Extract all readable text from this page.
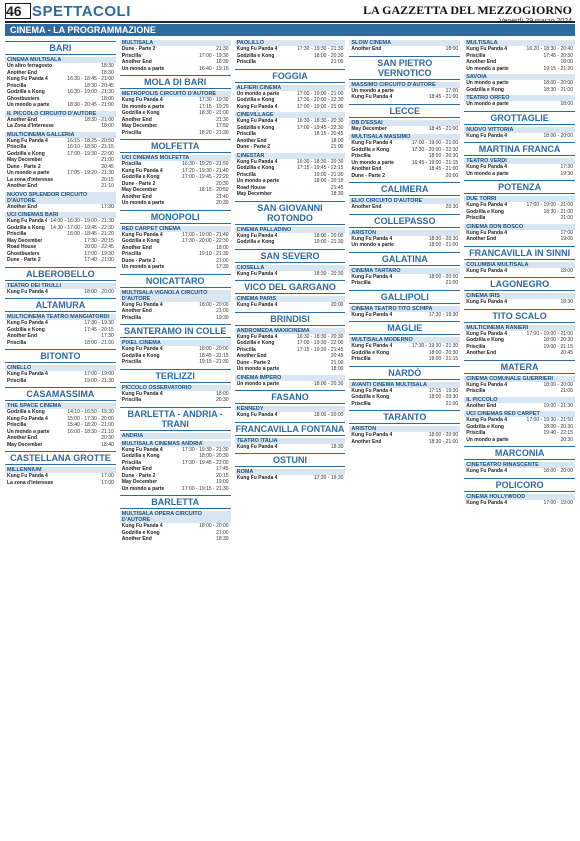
46 SPETTACOLI	LA GAZZETTA DEL MEZZOGIORNO
CINEMA - LA PROGRAMMAZIONE
BARI
CINEMA MULTISALA
Un altro ferragosto	18:30
Another End	18:30
Kung Fu Panda 4	16:30 - 18:45 - 21:00
Priscilla	18:30 - 20:45
Godzilla e Kong	16:30 - 19:00 - 21:30
Ghostbusters	18:00
Un mondo a parte	18:30 - 20:45 - 21:00
IL PICCOLO CIRCUITO D'AUTORE
Another End	18:30 - 21:00
La Zona d'Interesse	18:00
MULTICINEMA GALLERIA
Kung Fu Panda 4	16:15 - 18:25 - 20:50
Priscilla	16:10 - 18:50 - 21:15
Godzilla e Kong	17:00 - 19:30 - 22:00
May December	21:00
Dune - Parte 2	20:45
Un mondo a parte	17:05 - 19:20 - 21:30
La zona d'interesse	20:15
Another End	21:10
NUOVO SPLENDOR CIRCUITO D'AUTORE
Another End	17:30
UCI CINEMAS BARI
Kung Fu Panda 4 14:00 - 16:30 - 19:00 - 21:30
Godzilla e Kong 14:30 - 17:00 - 19:45 - 22:30
Priscilla	16:00 - 18:45 - 21:20
May December	17:30 - 20:15
Road House	20:00 - 22:45
Ghostbusters	17:00 - 19:30
Dune - Parte 2	17:40 - 21:00
ALBEROBELLO
TEATRO DEI TRULLI
Kung Fu Panda 4	18:00 - 20:00
ALTAMURA
MULTICINEMA TEATRO MANGIATORDI
Kung Fu Panda 4	17:30 - 19:30
Godzilla e Kong	17:45 - 20:15
Another End	17:30
Priscilla	18:00 - 21:00
BITONTO
CINELLO
Kung Fu Panda 4	17:00 - 19:00
Priscilla	19:00 - 21:30
CASAMASSIMA
THE SPACE CINEMA
Godzilla e Kong	14:10 - 16:50 - 19:30
Kung Fu Panda 4	15:00 - 17:30 - 20:00
Priscilla	15:40 - 18:20 - 21:00
Un mondo a parte	16:00 - 18:30 - 21:10
Another End	20:30
May December	18:40
CASTELLANA GROTTE
MILLENNIUM
Kung Fu Panda 4	17:00
La zona d'interesse	17:00
MULTISALA
Dune - Parte 2	21:30
Priscilla	17:00 - 19:30
Another End	18:30
Un mondo a parte	16:40 - 19:15
MOLA DI BARI
METROPOLIS CIRCUITO D'AUTORE
Kung Fu Panda 4	17:30 - 19:30
Un mondo a parte	17:15 - 19:20
Godzilla e Kong	18:30 - 21:00
Another End	21:30
May December	17:50
Priscilla	18:20 - 21:30
MOLFETTA
UCI CINEMAS MOLFETTA
Priscilla	16:30 - 19:20 - 21:50
Kung Fu Panda 4	17:20 - 19:30 - 21:40
Godzilla e Kong	17:00 - 19:45 - 22:20
Dune - Parte 2	20:30
May December	18:15 - 20:50
Another End	21:40
Un mondo a parte	20:30
MONOPOLI
RED CARPET CINEMA
Kung Fu Panda 4	17:00 - 19:00 - 21:40
Godzilla e Kong	17:30 - 20:00 - 22:30
Another End	18:00
Priscilla	19:10 - 21:30
Dune - Parte 2	21:00
Un mondo a parte	17:30
NOICATTARO
MULTISALA VIGNOLA CIRCUITO D'AUTORE
Kung Fu Panda 4	18:00 - 20:00
Another End	21:00
Priscilla	19:30
SANTERAMO IN COLLE
PIXEL CINEMA
Kung Fu Panda 4	18:00 - 20:00
Godzilla e Kong	18:45 - 21:15
Priscilla	19:15 - 21:30
TERLIZZI
PICCOLO OSSERVATORIO
Kung Fu Panda 4	18:00
Priscilla	20:30
BARLETTA - ANDRIA - TRANI
ANDRIA
MULTISALA CINEMAS ANDRIA
Kung Fu Panda 4	17:30 - 19:30 - 21:30
Godzilla e Kong	18:00 - 20:30
Priscilla	17:30 - 19:45 - 22:00
Another End	17:45
Dune - Parte 2	20:15
May December	19:00
Un mondo a parte	17:00 - 19:15 - 21:30
BARLETTA
MULTISALA OPERA CIRCUITO D'AUTORE
Kung Fu Panda 4	18:00 - 20:00
Godzilla e Kong	21:00
Another End	18:30
PAOLILLO
Kung Fu Panda 4	17:30 - 19:30 - 21:30
Godzilla e Kong	18:00 - 20:30
Priscilla	21:00
FOGGIA
ALFIERI CINEMA
Un mondo a parte	17:00 - 19:00 - 21:00
Godzilla e Kong	17:30 - 20:00 - 22:30
Kung Fu Panda 4	17:00 - 19:00 - 21:00
CINEVILLAGE
Kung Fu Panda 4	16:30 - 18:30 - 20:30
Godzilla e Kong	17:00 - 19:45 - 22:30
Priscilla	18:15 - 20:45
Another End	18:00
Dune - Parte 2	21:00
CINESTAR
Kung Fu Panda 4	16:30 - 18:30 - 20:30
Godzilla e Kong	17:15 - 19:45 - 22:15
Priscilla	19:00 - 21:30
Un mondo a parte	18:00 - 20:15
Road House	21:45
May December	18:30
SAN GIOVANNI ROTONDO
CINEMA PALLADINO
Kung Fu Panda 4	18:00 - 20:00
Godzilla e Kong	19:00 - 21:30
SAN SEVERO
CIOSELLA
Kung Fu Panda 4	18:30 - 20:30
VICO DEL GARGANO
CINEMA PARIS
Kung Fu Panda 4	20:00
BRINDISI
ANDROMEDA MAXICINEMA
Kung Fu Panda 4	16:30 - 18:30 - 20:30
Godzilla e Kong	17:00 - 19:30 - 22:00
Priscilla	17:15 - 19:30 - 21:45
Another End	20:45
Dune - Parte 2	21:00
Un mondo a parte	18:00
CINEMA IMPERO
Un mondo a parte	18:00 - 20:30
FASANO
KENNEDY
Kung Fu Panda 4	18:00 - 20:00
FRANCAVILLA FONTANA
TEATRO ITALIA
Kung Fu Panda 4	18:30
OSTUNI
ROMA
Kung Fu Panda 4	17:30 - 19:30
SLOW CINEMA
Another End	18:00
SAN PIETRO VERNOTICO
MASSIMO CIRCUITO D'AUTORE
Un mondo a parte	17:00
Kung Fu Panda 4	18:45 - 21:00
LECCE
DB D'ESSAI
May December	18:45 - 21:00
MULTISALA MASSIMO
Kung Fu Panda 4	17:00 - 19:00 - 21:00
Godzilla e Kong	17:30 - 20:00 - 22:30
Priscilla	18:00 - 20:30
Un mondo a parte	16:45 - 19:00 - 21:15
Another End	18:45 - 21:00
Dune - Parte 2	20:00
CALIMERA
ELIO CIRCUITO D'AUTORE
Another End	20:30
COLLEPASSO
ARISTON
Kung Fu Panda 4	18:30 - 20:30
Un mondo a parte	18:00 - 21:00
GALATINA
CINEMA TARTARO
Kung Fu Panda 4	18:00 - 20:00
Priscilla	21:00
GALLIPOLI
CINEMA TEATRO TITO SCHIPA
Kung Fu Panda 4	17:30 - 19:30
MAGLIE
MULTISALA MODERNO
Kung Fu Panda 4	17:30 - 19:30 - 21:30
Godzilla e Kong	18:00 - 20:30
Priscilla	19:00 - 21:15
NARDÒ
AVANTI CINEMA MULTISALA
Kung Fu Panda 4	17:15 - 19:30
Godzilla e Kong	18:00 - 20:30
Priscilla	21:00
TARANTO
ARISTON
Kung Fu Panda 4	18:00 - 20:00
Another End	18:30 - 21:00
MULTISALA
Kung Fu Panda 4	16:20 - 18:30 - 20:40
Priscilla	17:45 - 20:30
Another End	18:00
Un mondo a parte	19:15 - 21:20
SAVOIA
Un mondo a parte	18:00 - 20:00
Godzilla e Kong	18:30 - 21:00
TEATRO ORFEO
Un mondo a parte	18:00
GROTTAGLIE
NUOVO VITTORIA
Kung Fu Panda 4	18:00 - 20:00
MARTINA FRANCA
TEATRO VERDI
Kung Fu Panda 4	17:30
Un mondo a parte	19:30
POTENZA
DUE TORRI
Kung Fu Panda 4	17:00 - 19:00 - 21:00
Godzilla e Kong	18:30 - 21:00
Priscilla	21:00
CINEMA DON BOSCO
Kung Fu Panda 4	17:00
Another End	19:00
FRANCAVILLA IN SINNI
COLUMBIA MULTISALA
Kung Fu Panda 4	18:00
LAGONEGRO
CINEMA IRIS
Kung Fu Panda 4	18:30
TITO SCALO
MULTICINEMA RANIERI
Kung Fu Panda 4	17:00 - 19:00 - 21:00
Godzilla e Kong	18:00 - 20:30
Priscilla	19:00 - 21:15
Another End	20:45
MATERA
CINEMA COMUNALE GUERRIERI
Kung Fu Panda 4	18:00 - 20:00
Priscilla	21:00
IL PICCOLO
Another End	19:00 - 21:30
UCI CINEMAS RED CARPET
Kung Fu Panda 4	17:00 - 19:30 - 21:50
Godzilla e Kong	18:00 - 20:30
Priscilla	19:40 - 22:15
Un mondo a parte	20:30
MARCONIA
CINETEATRO RINASCENTE
Kung Fu Panda 4	18:00 - 20:00
POLICORO
CINEMA HOLLYWOOD
Kung Fu Panda 4	17:00 - 19:00
